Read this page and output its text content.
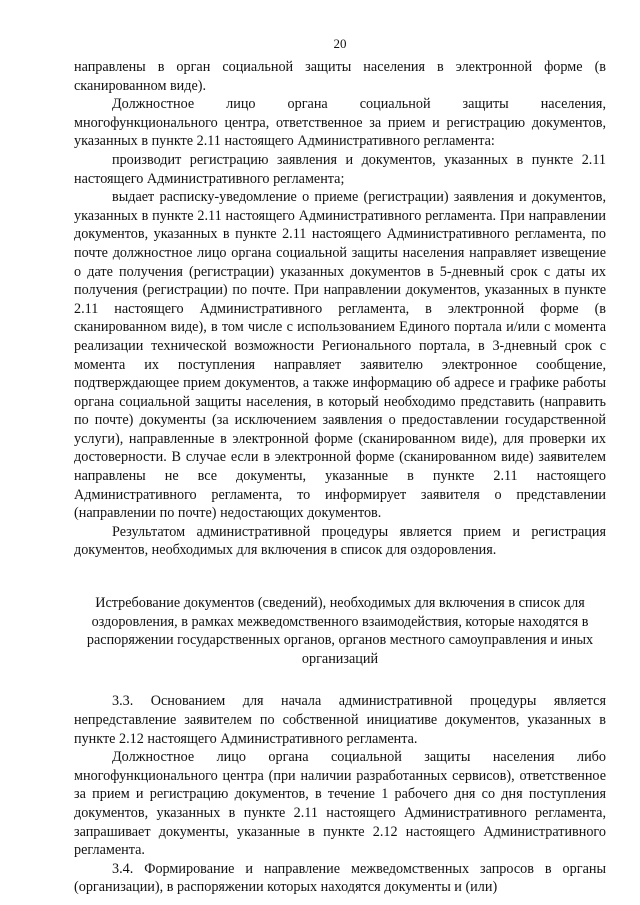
20

направлены в орган социальной защиты населения в электронной форме (в сканированном виде).

Должностное лицо органа социальной защиты населения, многофункционального центра, ответственное за прием и регистрацию документов, указанных в пункте 2.11 настоящего Административного регламента:

производит регистрацию заявления и документов, указанных в пункте 2.11 настоящего Административного регламента;

выдает расписку-уведомление о приеме (регистрации) заявления и документов, указанных в пункте 2.11 настоящего Административного регламента. При направлении документов, указанных в пункте 2.11 настоящего Административного регламента, по почте должностное лицо органа социальной защиты населения направляет извещение о дате получения (регистрации) указанных документов в 5-дневный срок с даты их получения (регистрации) по почте. При направлении документов, указанных в пункте 2.11 настоящего Административного регламента, в электронной форме (в сканированном виде), в том числе с использованием Единого портала и/или с момента реализации технической возможности Регионального портала, в 3-дневный срок с момента их поступления направляет заявителю электронное сообщение, подтверждающее прием документов, а также информацию об адресе и графике работы органа социальной защиты населения, в который необходимо представить (направить по почте) документы (за исключением заявления о предоставлении государственной услуги), направленные в электронной форме (сканированном виде), для проверки их достоверности. В случае если в электронной форме (сканированном виде) заявителем направлены не все документы, указанные в пункте 2.11 настоящего Административного регламента, то информирует заявителя о представлении (направлении по почте) недостающих документов.

Результатом административной процедуры является прием и регистрация документов, необходимых для включения в список для оздоровления.

Истребование документов (сведений), необходимых для включения в список для оздоровления, в рамках межведомственного взаимодействия, которые находятся в распоряжении государственных органов, органов местного самоуправления и иных организаций

3.3. Основанием для начала административной процедуры является непредставление заявителем по собственной инициативе документов, указанных в пункте 2.12 настоящего Административного регламента.

Должностное лицо органа социальной защиты населения либо многофункционального центра (при наличии разработанных сервисов), ответственное за прием и регистрацию документов, в течение 1 рабочего дня со дня поступления документов, указанных в пункте 2.11 настоящего Административного регламента, запрашивает документы, указанные в пункте 2.12 настоящего Административного регламента.

3.4. Формирование и направление межведомственных запросов в органы (организации), в распоряжении которых находятся документы и (или)
